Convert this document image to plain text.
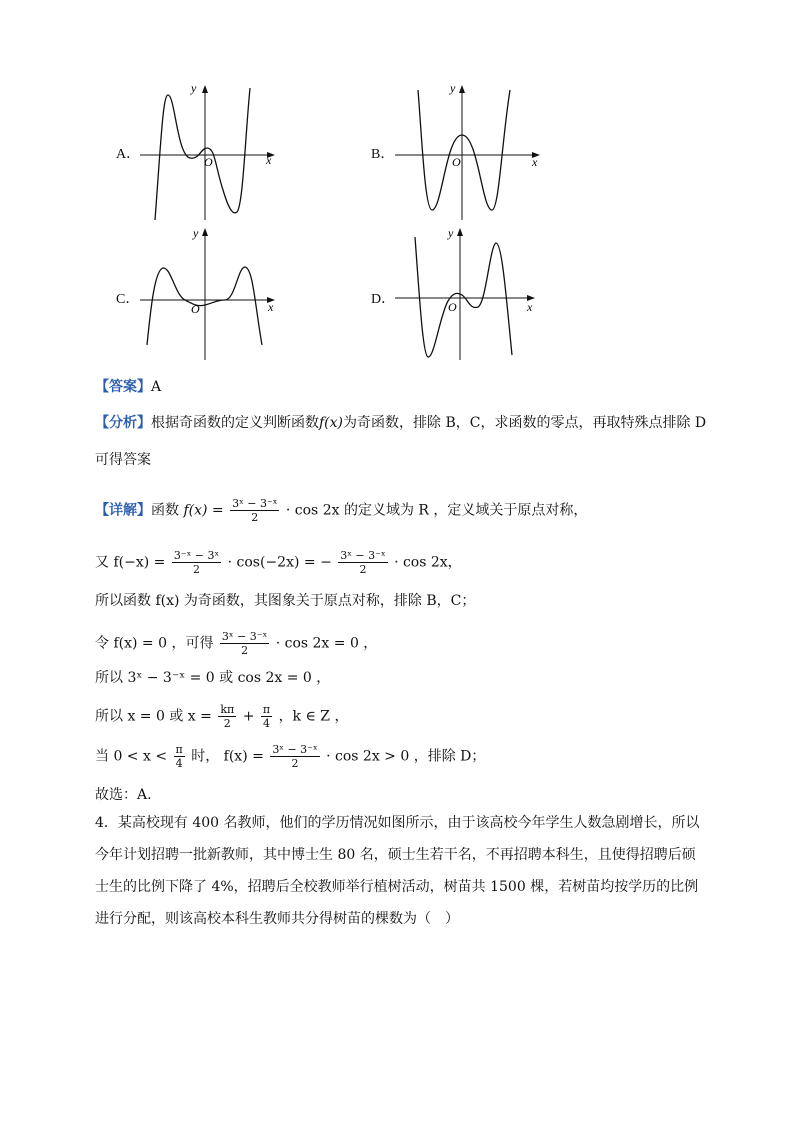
A．	B．
C．	D．
x
y
O	x
y
O
x
y
O	x
y
O
【答案】A
【分析】根据奇函数的定义判断函数f(x)为奇函数，排除 B，C，求函数的零点，再取特殊点排除 D
可得答案
【详解】函数 $f(x) = \frac{\text{3ˣ − 3⁻ˣ}}{2} \cdot \cos 2x$ 的定义域为 R ，定义域关于原点对称，
又 $f(-x) = \frac{\text{3⁻ˣ − 3ˣ}}{2} \cdot \cos(-2x)$ = − $\frac{\text{3ˣ − 3⁻ˣ}}{2} \cdot \cos 2x$，
所以函数 f(x) 为奇函数，其图象关于原点对称，排除 B，C；
令 f(x) = 0 ，可得 $\frac{\text{3ˣ − 3⁻ˣ}}{2} \cdot \cos 2x = 0$ ，
所以 3ˣ − 3⁻ˣ = 0 或 cos 2x = 0 ，
所以 x = 0 或 $x = \frac{k\pi}{2} + \frac{\pi}{4}$ ，k ∈ Z ，
当 $0 < x < \frac{\pi}{4}$ 时， $f(x) = \frac{\text{3ˣ − 3⁻ˣ}}{2} \cdot \cos 2x > 0$ ，排除 D；
故选：A.
4．某高校现有 400 名教师，他们的学历情况如图所示，由于该高校今年学生人数急剧增长，所以今年计划招聘一批新教师，其中博士生 80 名，硕士生若干名，不再招聘本科生，且使得招聘后硕士生的比例下降了 4%，招聘后全校教师举行植树活动，树苗共 1500 棵，若树苗均按学历的比例进行分配，则该高校本科生教师共分得树苗的棵数为（　）
